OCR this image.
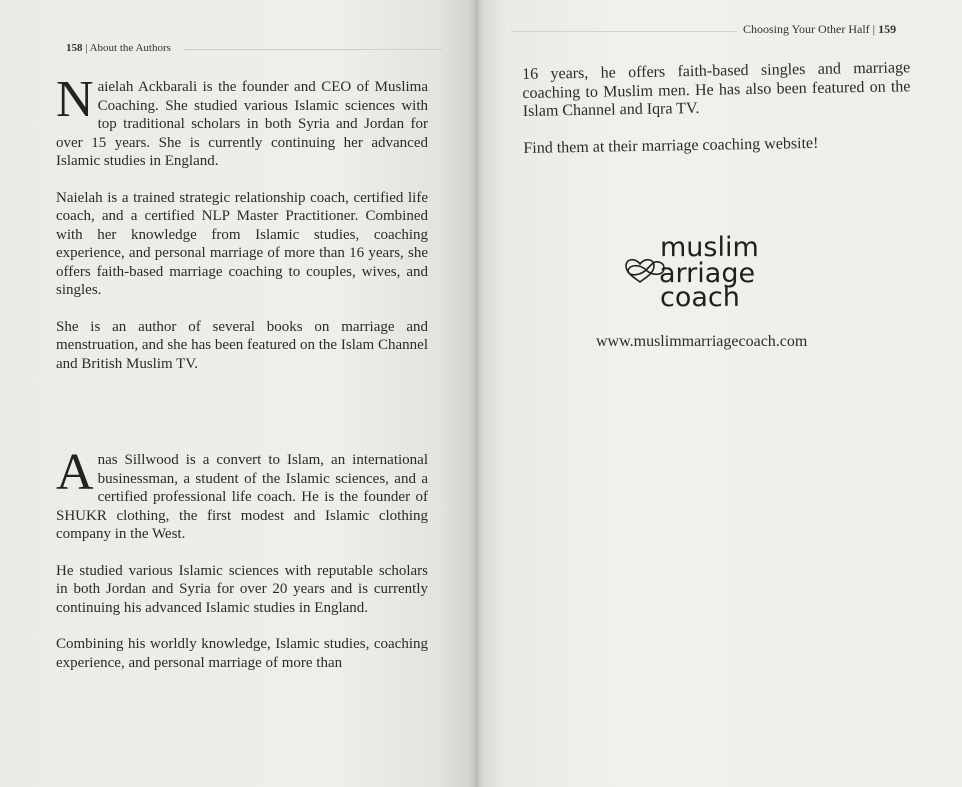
158 | About the Authors

Naielah Ackbarali is the founder and CEO of Muslima Coaching. She studied various Islamic sciences with top traditional scholars in both Syria and Jordan for over 15 years. She is currently continuing her advanced Islamic studies in England.

Naielah is a trained strategic relationship coach, certified life coach, and a certified NLP Master Practitioner. Combined with her knowledge from Islamic studies, coaching experience, and personal marriage of more than 16 years, she offers faith-based marriage coaching to couples, wives, and singles.

She is an author of several books on marriage and menstruation, and she has been featured on the Islam Channel and British Muslim TV.

Anas Sillwood is a convert to Islam, an international businessman, a student of the Islamic sciences, and a certified professional life coach. He is the founder of SHUKR clothing, the first modest and Islamic clothing company in the West.

He studied various Islamic sciences with reputable scholars in both Jordan and Syria for over 20 years and is currently continuing his advanced Islamic studies in England.

Combining his worldly knowledge, Islamic studies, coaching experience, and personal marriage of more than

Choosing Your Other Half | 159

16 years, he offers faith-based singles and marriage coaching to Muslim men. He has also been featured on the Islam Channel and Iqra TV.

Find them at their marriage coaching website!

muslim
arriage
coach
www.muslimmarriagecoach.com
